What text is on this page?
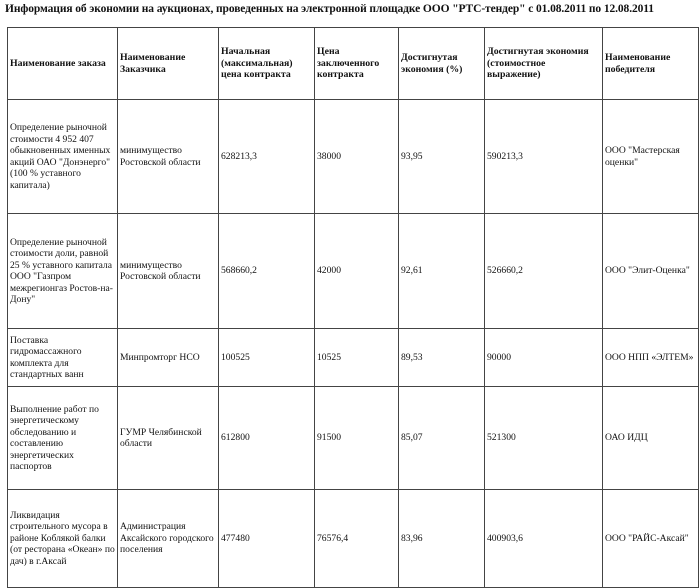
Информация об экономии на аукционах, проведенных на электронной площадке ООО "РТС-тендер" с 01.08.2011 по 12.08.2011
Наименование заказа	Наименование Заказчика	Начальная (максимальная) цена контракта	Цена заключенного контракта	Достигнутая экономия (%)	Достигнутая экономия (стоимостное выражение)	Наименование победителя
Определение рыночной стоимости 4 952 407 обыкновенных именных акций ОАО "Донэнерго" (100 % уставного капитала)	минимущество Ростовской области	628213,3	38000	93,95	590213,3	ООО "Мастерская оценки"
Определение рыночной стоимости доли, равной 25 % уставного капитала ООО "Газпром межрегионгаз Ростов-на-Дону"	минимущество Ростовской области	568660,2	42000	92,61	526660,2	ООО "Элит-Оценка"
Поставка гидромассажного комплекта для стандартных ванн	Минпромторг НСО	100525	10525	89,53	90000	ООО НПП «ЭЛТЕМ»
Выполнение работ по энергетическому обследованию и составлению энергетических паспортов	ГУМР Челябинской области	612800	91500	85,07	521300	ОАО ИДЦ
Ликвидация строительного мусора в районе Коблякой балки (от ресторана «Океан» по дач) в г.Аксай	Администрация Аксайского городского поселения	477480	76576,4	83,96	400903,6	ООО "РАЙС-Аксай"
